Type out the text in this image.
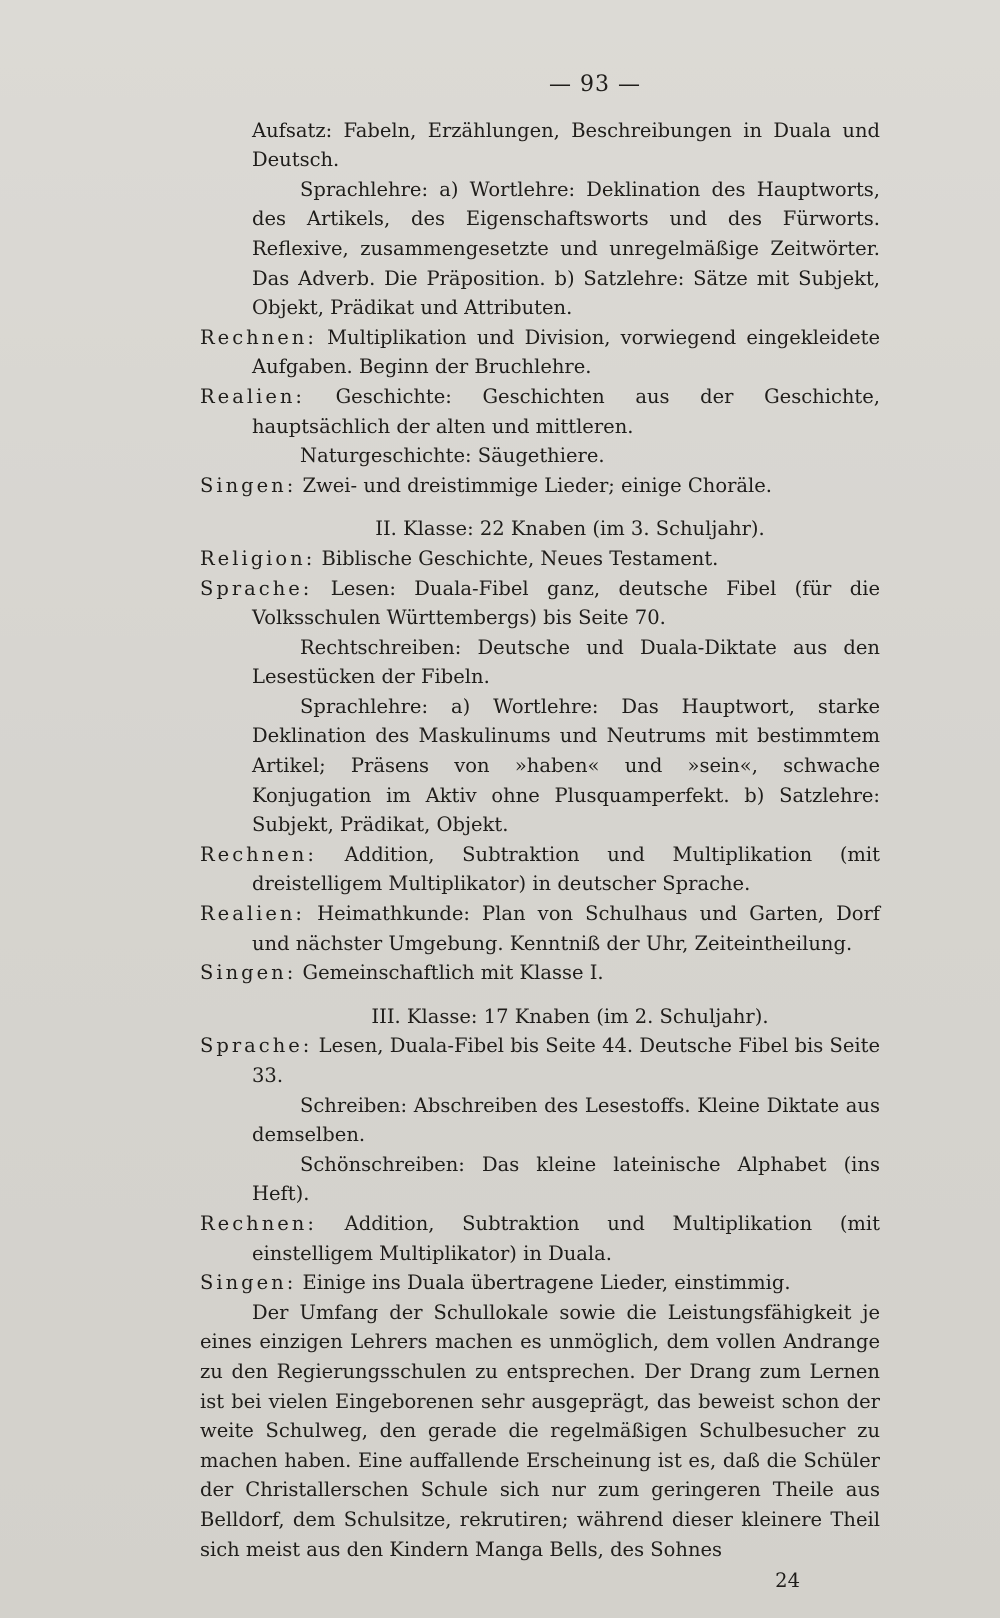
— 93 —

Aufsatz: Fabeln, Erzählungen, Beschreibungen in Duala und Deutsch.

Sprachlehre: a) Wortlehre: Deklination des Hauptworts, des Artikels, des Eigenschaftsworts und des Fürworts. Reflexive, zusammengesetzte und unregelmäßige Zeitwörter. Das Adverb. Die Präposition. b) Satzlehre: Sätze mit Subjekt, Objekt, Prädikat und Attributen.

Rechnen: Multiplikation und Division, vorwiegend eingekleidete Aufgaben. Beginn der Bruchlehre.

Realien: Geschichte: Geschichten aus der Geschichte, hauptsächlich der alten und mittleren.

Naturgeschichte: Säugethiere.

Singen: Zwei- und dreistimmige Lieder; einige Choräle.

II. Klasse: 22 Knaben (im 3. Schuljahr).

Religion: Biblische Geschichte, Neues Testament.

Sprache: Lesen: Duala-Fibel ganz, deutsche Fibel (für die Volksschulen Württembergs) bis Seite 70.

Rechtschreiben: Deutsche und Duala-Diktate aus den Lesestücken der Fibeln.

Sprachlehre: a) Wortlehre: Das Hauptwort, starke Deklination des Maskulinums und Neutrums mit bestimmtem Artikel; Präsens von »haben« und »sein«, schwache Konjugation im Aktiv ohne Plusquamperfekt. b) Satzlehre: Subjekt, Prädikat, Objekt.

Rechnen: Addition, Subtraktion und Multiplikation (mit dreistelligem Multiplikator) in deutscher Sprache.

Realien: Heimathkunde: Plan von Schulhaus und Garten, Dorf und nächster Umgebung. Kenntniß der Uhr, Zeiteintheilung.

Singen: Gemeinschaftlich mit Klasse I.

III. Klasse: 17 Knaben (im 2. Schuljahr).

Sprache: Lesen, Duala-Fibel bis Seite 44. Deutsche Fibel bis Seite 33.

Schreiben: Abschreiben des Lesestoffs. Kleine Diktate aus demselben.

Schönschreiben: Das kleine lateinische Alphabet (ins Heft).

Rechnen: Addition, Subtraktion und Multiplikation (mit einstelligem Multiplikator) in Duala.

Singen: Einige ins Duala übertragene Lieder, einstimmig.

Der Umfang der Schullokale sowie die Leistungsfähigkeit je eines einzigen Lehrers machen es unmöglich, dem vollen Andrange zu den Regierungsschulen zu entsprechen. Der Drang zum Lernen ist bei vielen Eingeborenen sehr ausgeprägt, das beweist schon der weite Schulweg, den gerade die regelmäßigen Schulbesucher zu machen haben. Eine auffallende Erscheinung ist es, daß die Schüler der Christallerschen Schule sich nur zum geringeren Theile aus Belldorf, dem Schulsitze, rekrutiren; während dieser kleinere Theil sich meist aus den Kindern Manga Bells, des Sohnes

24
